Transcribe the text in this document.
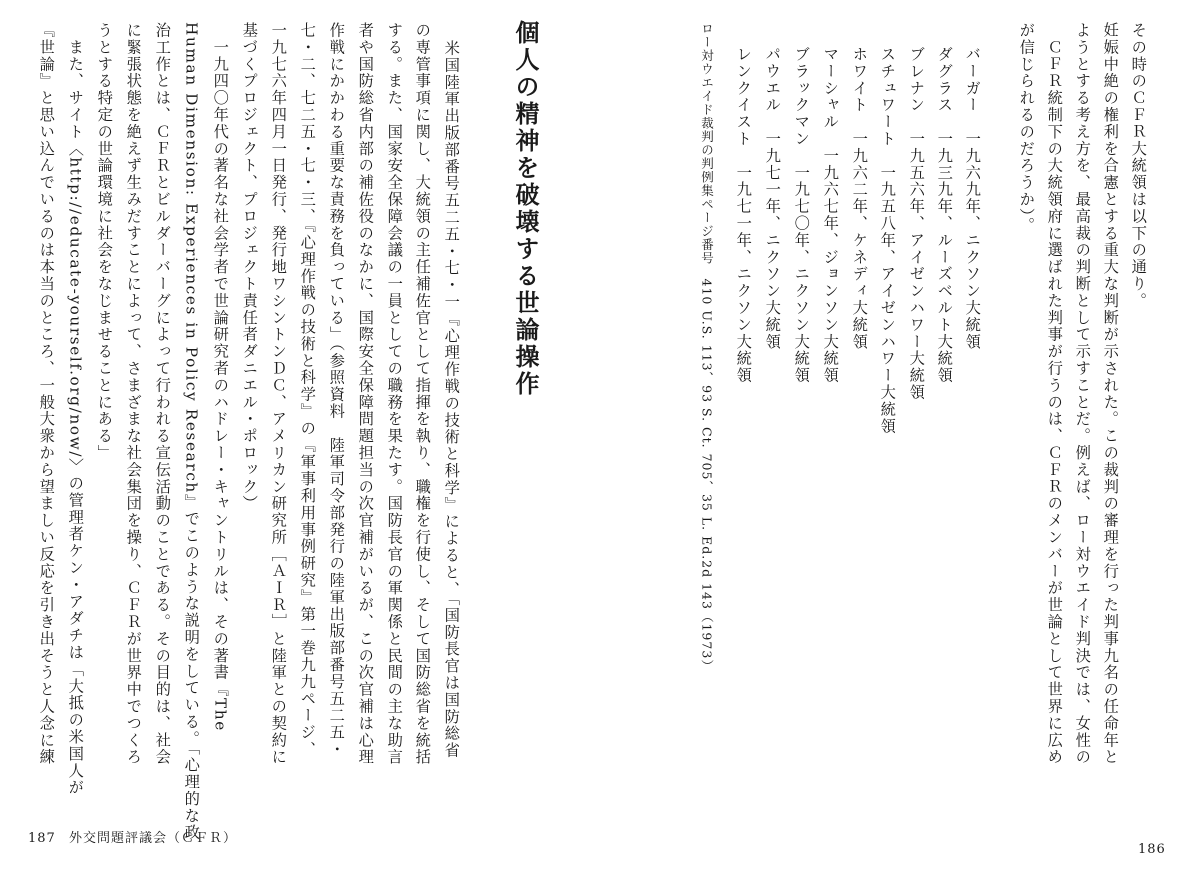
が信じられるのだろうか）。 　ＣＦＲ統制下の大統領府に選ばれた判事が行うのは、ＣＦＲのメンバーが世論として世界に広め ようとする考え方を、最高裁の判断として示すことだ。例えば、ロー対ウエイド判決では、女性の 妊娠中絶の権利を合憲とする重大な判断が示された。この裁判の審理を行った判事九名の任命年と その時のＣＦＲ大統領は以下の通り。
バーガー　一九六九年、ニクソン大統領
ダグラス　一九三九年、ルーズベルト大統領
ブレナン　一九五六年、アイゼンハワー大統領
スチュワート　一九五八年、アイゼンハワー大統領
ホワイト　一九六二年、ケネディ大統領
マーシャル　一九六七年、ジョンソン大統領
ブラックマン　一九七〇年、ニクソン大統領
パウエル　一九七一年、ニクソン大統領
レンクイスト　一九七一年、ニクソン大統領
ロー対ウエイド裁判の判例集ページ番号　410 U.S. 113、93 S. Ct. 705、35 L. Ed.2d 143（1973）
186
個人の精神を破壊する世論操作
米国陸軍出版部番号五二五・七・一『心理作戦の技術と科学』によると、「国防長官は国防総省
の専管事項に関し、大統領の主任補佐官として指揮を執り、職権を行使し、そして国防総省を統括
する。また、国家安全保障会議の一員としての職務を果たす。国防長官の軍関係と民間の主な助言
者や国防総省内部の補佐役のなかに、国際安全保障問題担当の次官補がいるが、この次官補は心理
作戦にかかわる重要な責務を負っている」（参照資料　陸軍司令部発行の陸軍出版部番号五二五・
七・二、七二五・七・三、『心理作戦の技術と科学』の『軍事利用事例研究』第一巻九九ページ、
一九七六年四月一日発行、発行地ワシントンＤＣ、アメリカン研究所［ＡＩＲ］と陸軍との契約に
基づくプロジェクト、プロジェクト責任者ダニエル・ポロック）
　一九四〇年代の著名な社会学者で世論研究者のハドレー・キャントリルは、その著書『The
Human Dimension: Experiences in Policy Research』でこのような説明をしている。「心理的な政
治工作とは、ＣＦＲとビルダーバーグによって行われる宣伝活動のことである。その目的は、社会
に緊張状態を絶えず生みだすことによって、さまざまな社会集団を操り、ＣＦＲが世界中でつくろ
うとする特定の世論環境に社会をなじませることにある」
　また、サイト〈http://educate-yourself.org/now/〉の管理者ケン・アダチは「大抵の米国人が
『世論』と思い込んでいるのは本当のところ、一般大衆から望ましい反応を引き出そうと人念に練
187 外交問題評議会（ＣＦＲ）
